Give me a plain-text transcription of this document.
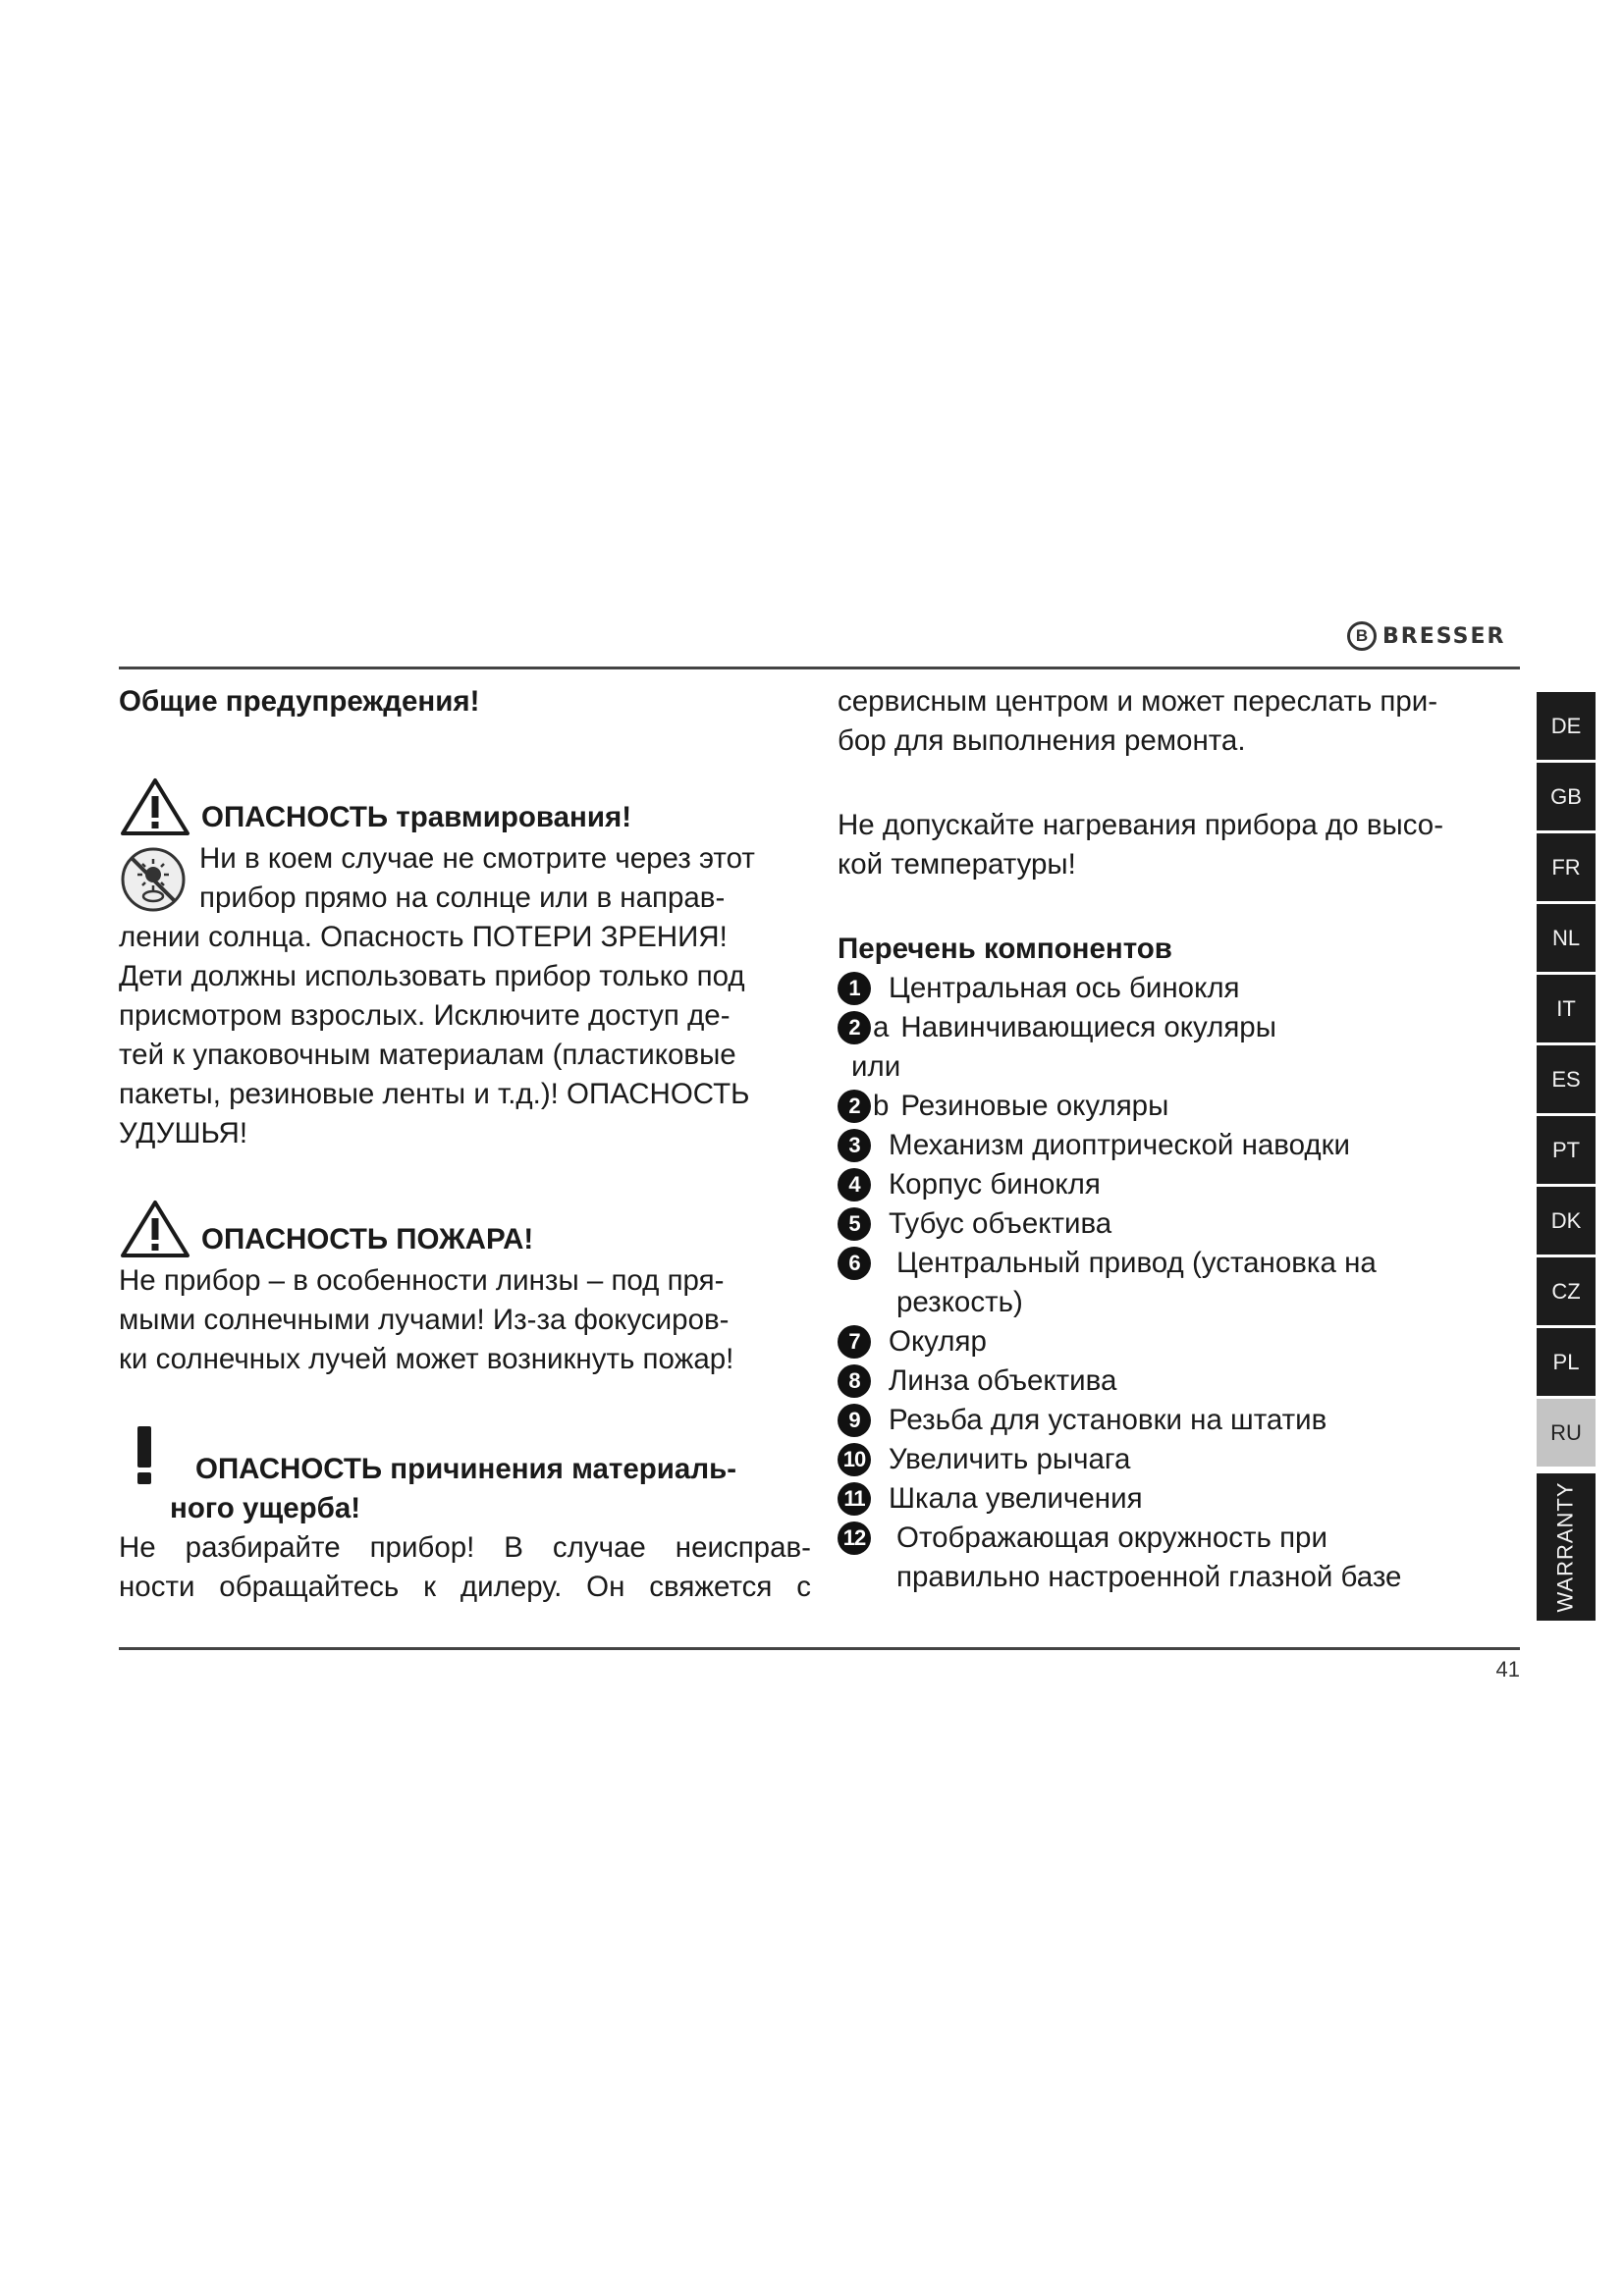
B BRESSER

Общие предупреждения!

ОПАСНОСТЬ травмирования!
Ни в коем случае не смотрите через этот
прибор прямо на солнце или в направ-
лении солнца. Опасность ПОТЕРИ ЗРЕНИЯ!
Дети должны использовать прибор только под
присмотром взрослых. Исключите доступ де-
тей к упаковочным материалам (пластиковые
пакеты, резиновые ленты и т.д.)! ОПАСНОСТЬ
УДУШЬЯ!
ОПАСНОСТЬ ПОЖАРА!
Не прибор – в особенности линзы – под пря-
мыми солнечными лучами! Из-за фокусиров-
ки солнечных лучей может возникнуть пожар!
ОПАСНОСТЬ причинения материаль-
ного ущерба!
Не разбирайте прибор! В случае неисправ-
ности обращайтесь к дилеру. Он свяжется с
сервисным центром и может переслать при-
бор для выполнения ремонта.
Не допускайте нагревания прибора до высо-
кой температуры!
Перечень компонентов
1 Центральная ось бинокля
2 a Навинчивающиеся окуляры
или
2 b Резиновые окуляры
3 Механизм диоптрической наводки
4 Корпус бинокля
5 Тубус объектива
6	Центральный привод (установка на
резкость)
7 Окуляр
8 Линза объектива
9 Резьба для установки на штатив
10 Увеличить рычага
11 Шкала увеличения
12 Отображающая окружность при
правильно настроенной глазной базе
DE
GB
FR
NL
IT
ES
PT
DK
CZ
PL
RU
WARRANTY
41
